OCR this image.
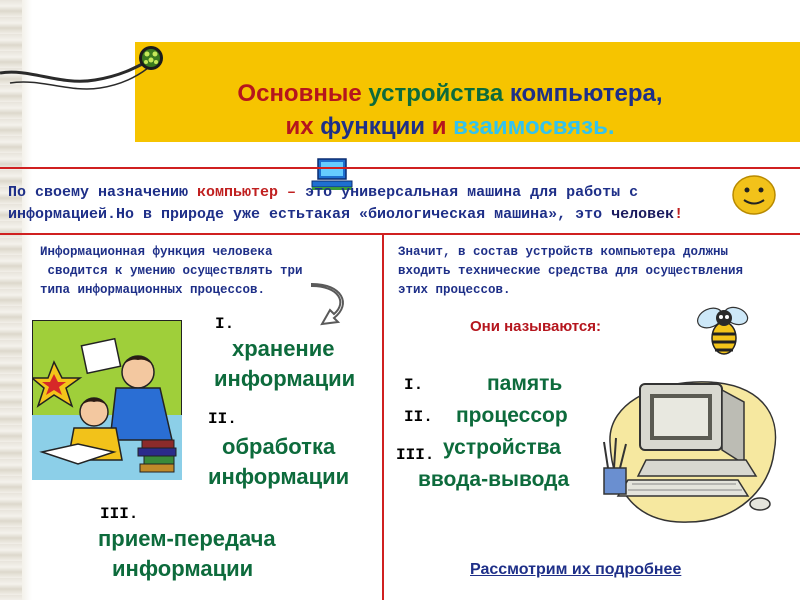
Основные устройства компьютера,
их функции и взаимосвязь.
По своему назначению компьютер – это универсальная машина для работы с
информацией.Но в природе уже естьтакая «биологическая машина», это человек!
Информационная функция человека
сводится к умению осуществлять три
типа информационных процессов.
I.
хранение
информации
II.
обработка
информации
III.
прием-передача
информации
Значит, в состав устройств компьютера должны
входить технические средства для осуществления
этих процессов.
Они называются:
I.	память
II. процессор
III. устройства
ввода-вывода
Рассмотрим их подробнее
